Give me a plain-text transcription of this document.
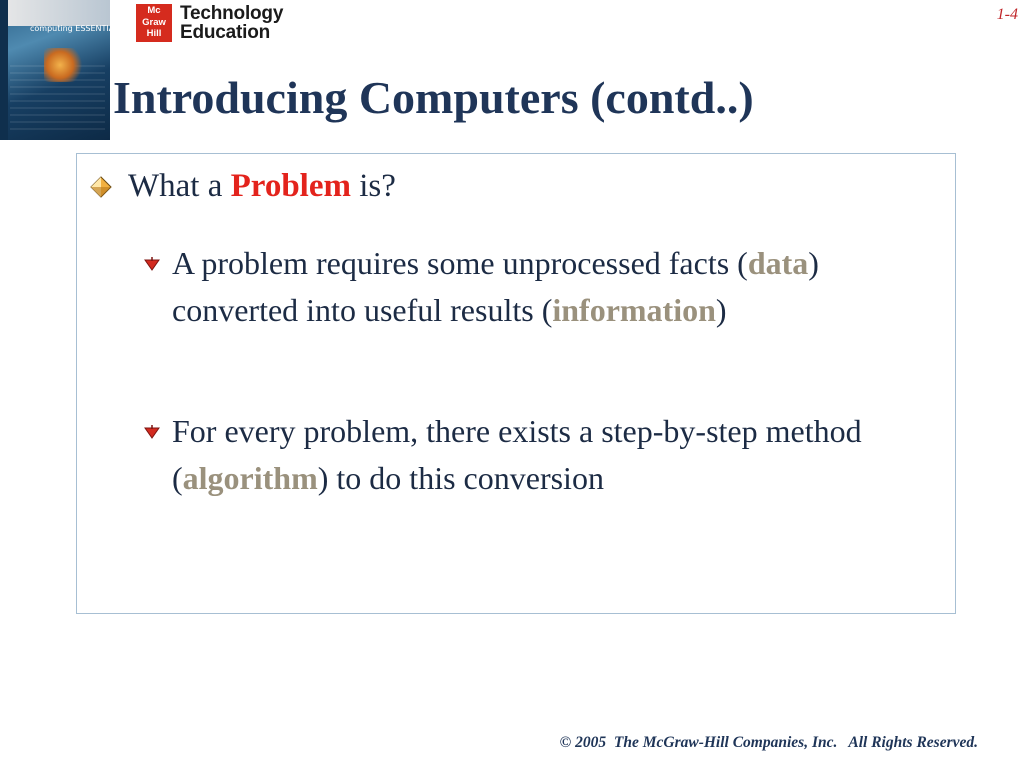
computing ESSENTIALS
Mc
Graw
Hill
Technology
Education
1-4
Introducing Computers (contd..)
What a Problem is?
A problem requires some unprocessed facts (data) converted into useful results (information)
For every problem, there exists a step-by-step method (algorithm) to do this conversion
© 2005  The McGraw-Hill Companies, Inc.   All Rights Reserved.
